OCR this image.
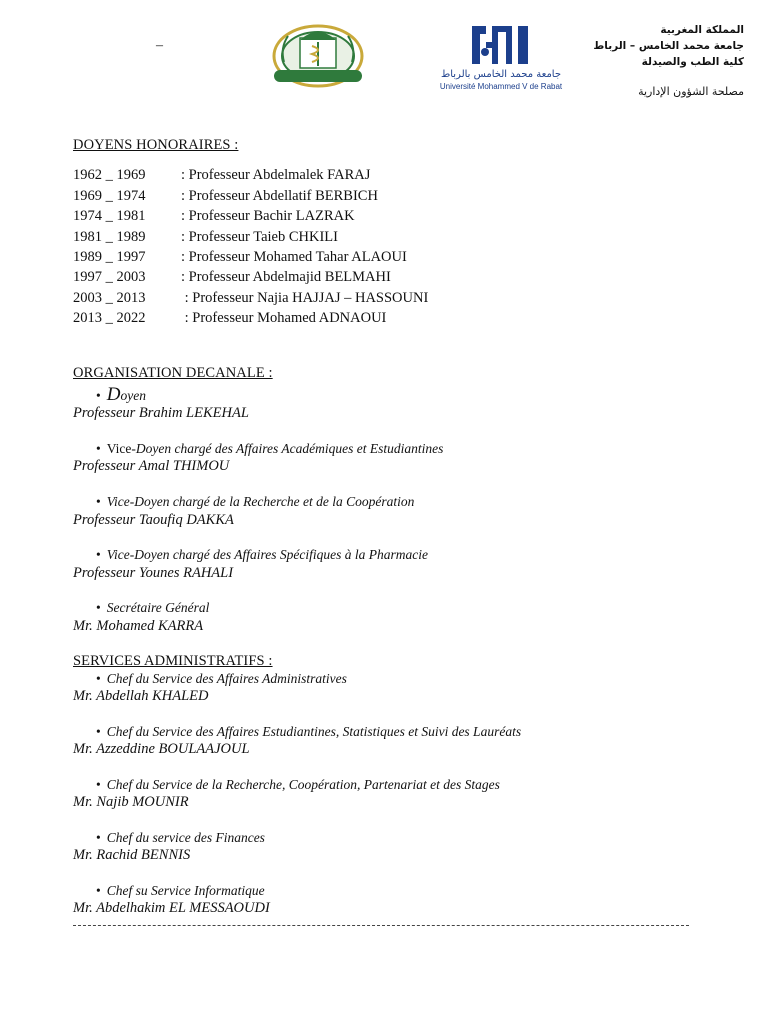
–
جامعة محمد الخامس بالرباط
Université Mohammed V de Rabat
المملكة المغربية
جامعة محمد الخامس – الرباط
كلية الطب والصيدلة
مصلحة الشؤون الإدارية
DOYENS HONORAIRES :
1962 _ 1969 : Professeur Abdelmalek FARAJ
1969 _ 1974 : Professeur Abdellatif BERBICH
1974 _ 1981 : Professeur Bachir LAZRAK
1981 _ 1989 : Professeur Taieb CHKILI
1989 _ 1997 : Professeur Mohamed Tahar ALAOUI
1997 _ 2003 : Professeur Abdelmajid BELMAHI
2003 _ 2013 : Professeur Najia HAJJAJ – HASSOUNI
2013 _ 2022 : Professeur Mohamed ADNAOUI
ORGANISATION DECANALE :
• Doyen
Professeur Brahim LEKEHAL
• Vice-Doyen chargé des Affaires Académiques et Estudiantines
Professeur Amal THIMOU
• Vice-Doyen chargé de la Recherche et de la Coopération
Professeur Taoufiq DAKKA
• Vice-Doyen chargé des Affaires Spécifiques à la Pharmacie
Professeur Younes RAHALI
• Secrétaire Général
Mr. Mohamed KARRA
SERVICES ADMINISTRATIFS :
• Chef du Service des Affaires Administratives
Mr. Abdellah KHALED
• Chef du Service des Affaires Estudiantines, Statistiques et Suivi des Lauréats
Mr. Azzeddine BOULAAJOUL
• Chef du Service de la Recherche, Coopération, Partenariat et des Stages
Mr. Najib MOUNIR
• Chef du service des Finances
Mr. Rachid BENNIS
• Chef su Service Informatique
Mr. Abdelhakim EL MESSAOUDI
